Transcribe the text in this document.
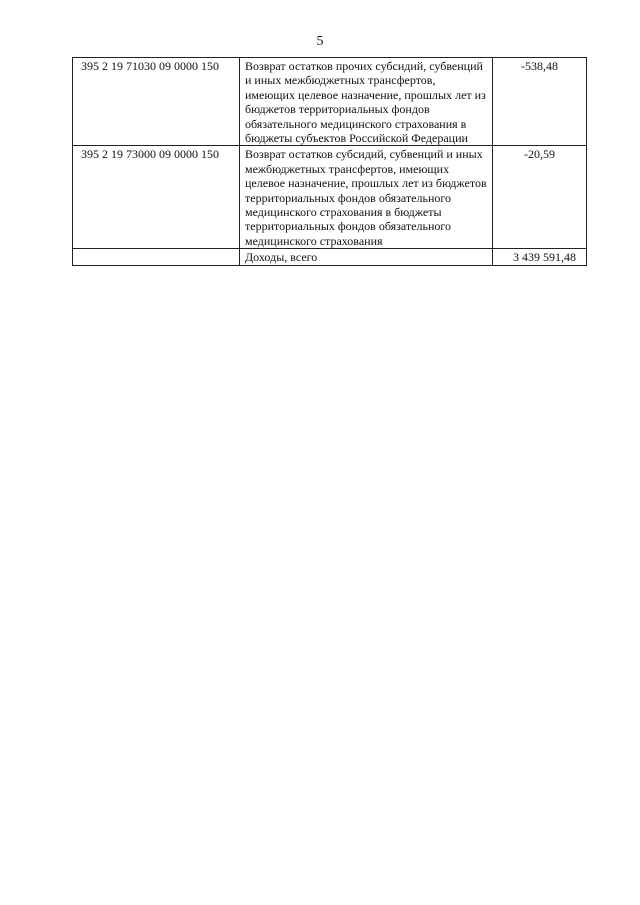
5
395 2 19 71030 09 0000 150	Возврат остатков прочих субсидий, субвенций и иных межбюджетных трансфертов, имеющих целевое назначение, прошлых лет из бюджетов территориальных фондов обязательного медицинского страхования в бюджеты субъектов Российской Федерации	-538,48
395 2 19 73000 09 0000 150	Возврат остатков субсидий, субвенций и иных межбюджетных трансфертов, имеющих целевое назначение, прошлых лет из бюджетов территориальных фондов обязательного медицинского страхования в бюджеты территориальных фондов обязательного медицинского страхования	-20,59
	Доходы, всего	3 439 591,48
